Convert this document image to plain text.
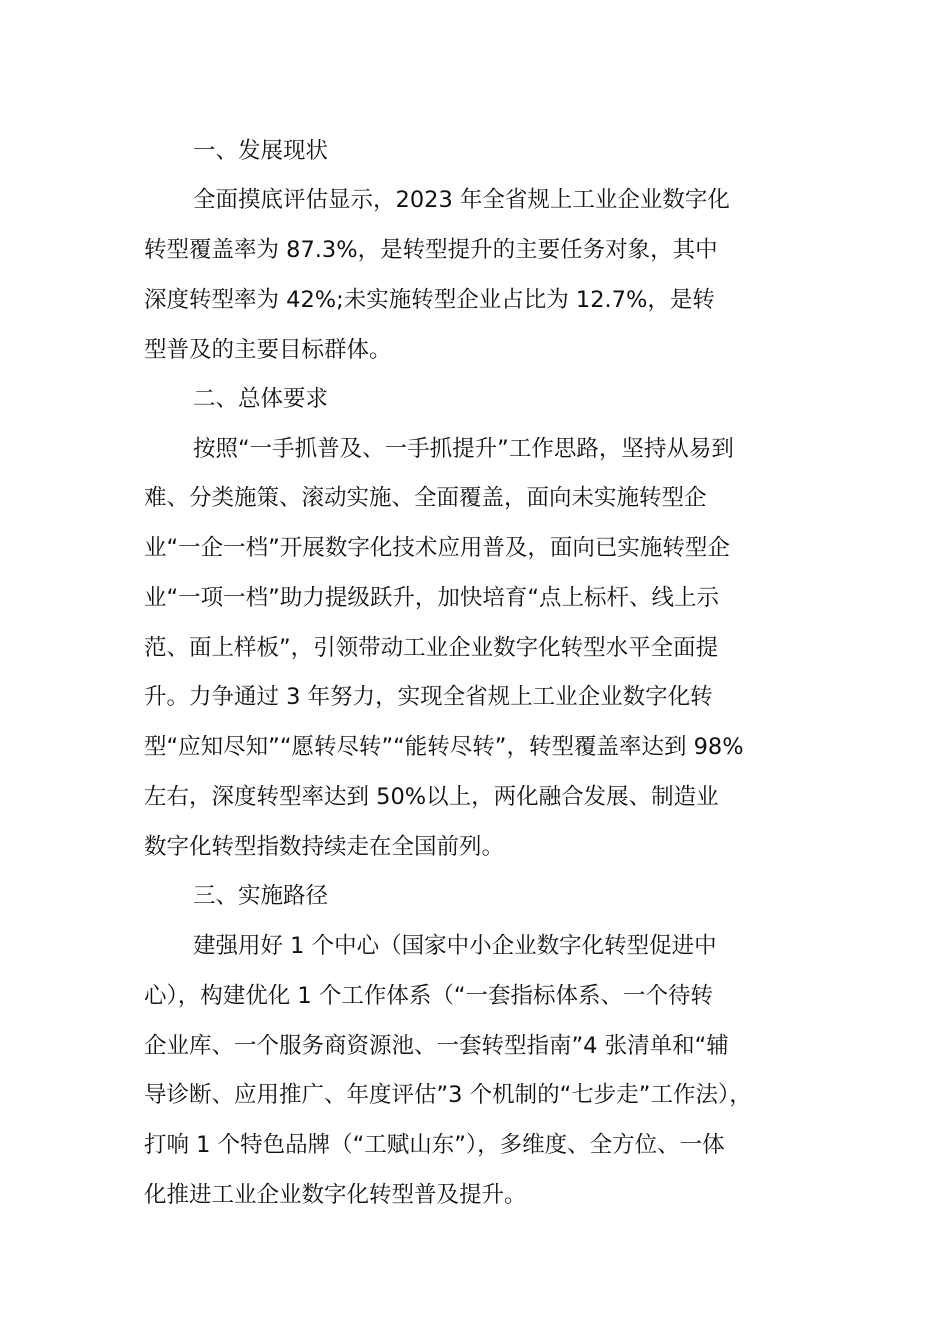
一、发展现状
全面摸底评估显示，2023 年全省规上工业企业数字化
转型覆盖率为 87.3%，是转型提升的主要任务对象，其中
深度转型率为 42%;未实施转型企业占比为 12.7%，是转
型普及的主要目标群体。
二、总体要求
按照“一手抓普及、一手抓提升”工作思路，坚持从易到
难、分类施策、滚动实施、全面覆盖，面向未实施转型企
业“一企一档”开展数字化技术应用普及，面向已实施转型企
业“一项一档”助力提级跃升，加快培育“点上标杆、线上示
范、面上样板”，引领带动工业企业数字化转型水平全面提
升。力争通过 3 年努力，实现全省规上工业企业数字化转
型“应知尽知”“愿转尽转”“能转尽转”，转型覆盖率达到 98%
左右，深度转型率达到 50%以上，两化融合发展、制造业
数字化转型指数持续走在全国前列。
三、实施路径
建强用好 1 个中心（国家中小企业数字化转型促进中
心），构建优化 1 个工作体系（“一套指标体系、一个待转
企业库、一个服务商资源池、一套转型指南”4 张清单和“辅
导诊断、应用推广、年度评估”3 个机制的“七步走”工作法），
打响 1 个特色品牌（“工赋山东”），多维度、全方位、一体
化推进工业企业数字化转型普及提升。
